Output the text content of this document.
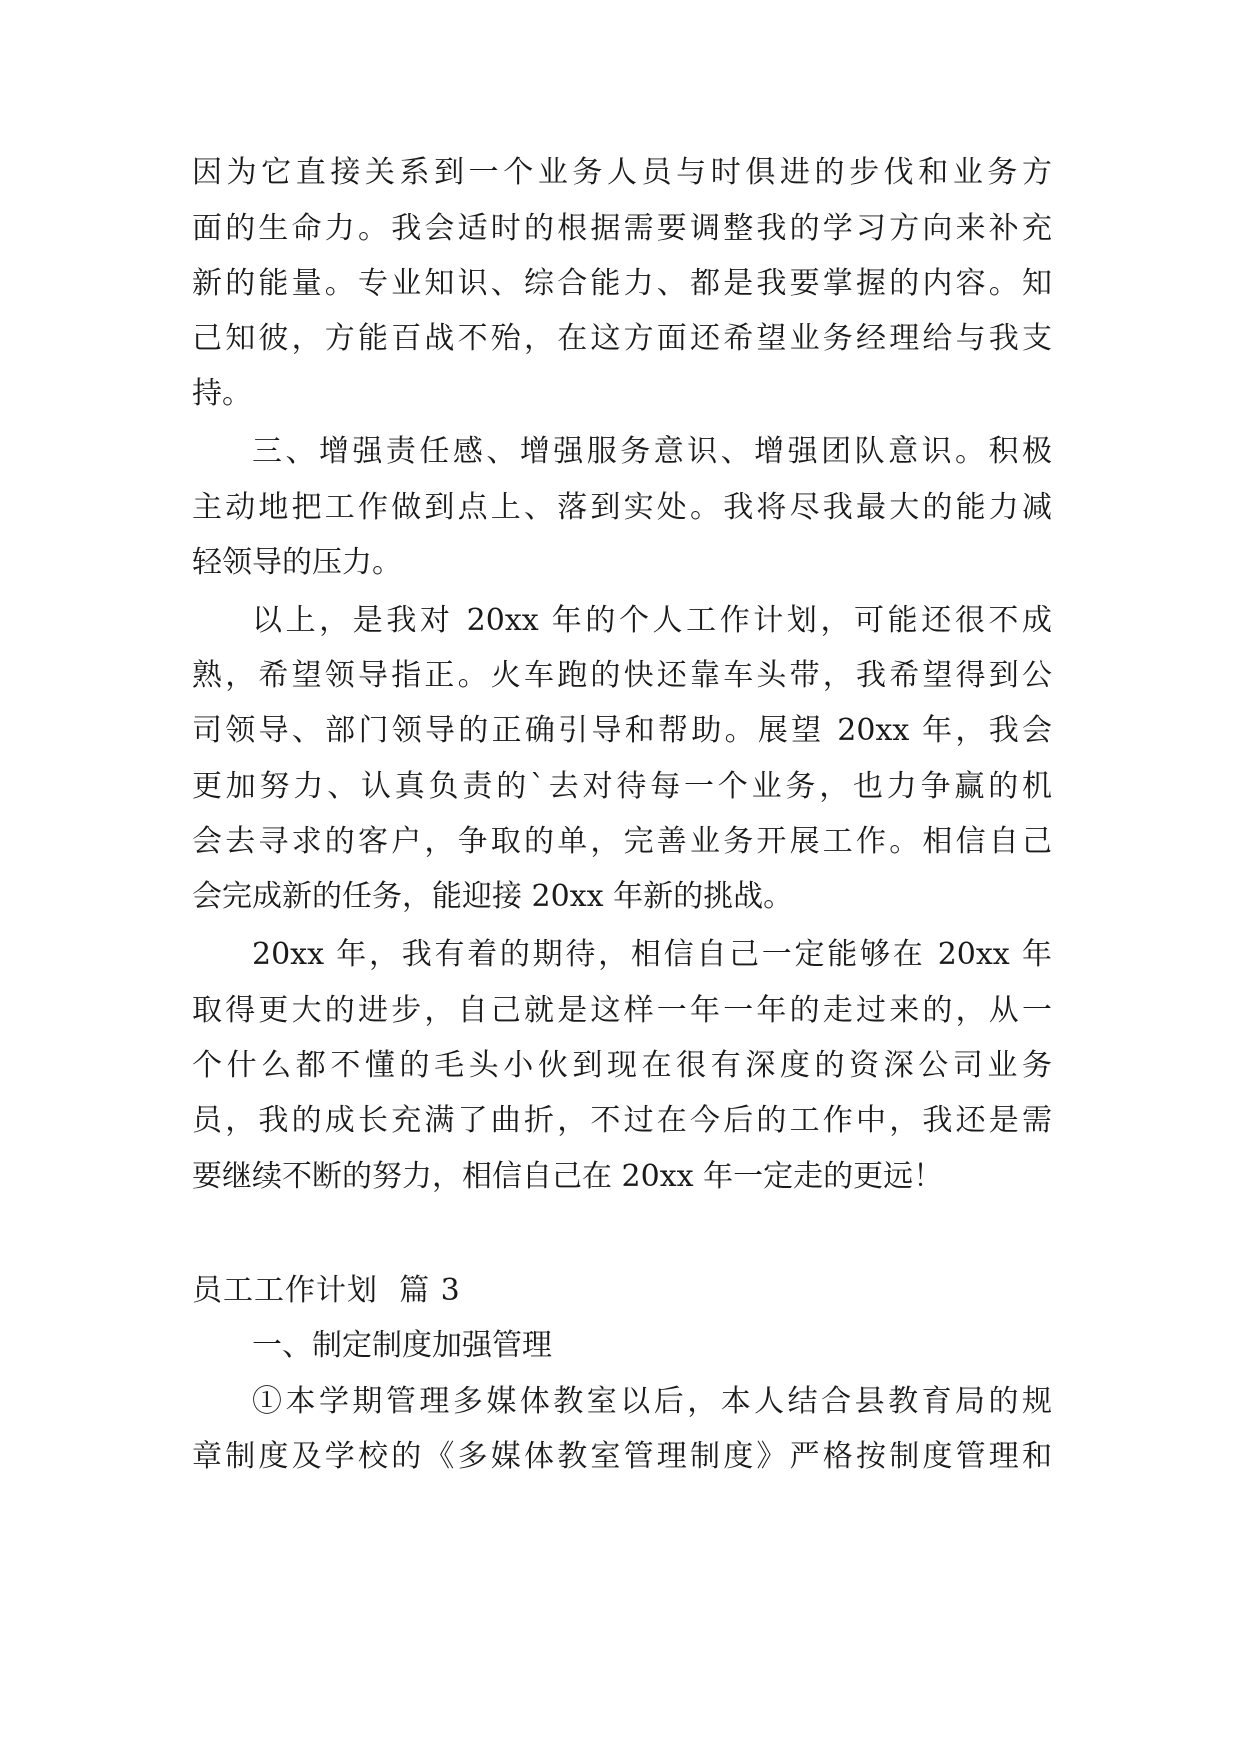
因为它直接关系到一个业务人员与时俱进的步伐和业务方
面的生命力。我会适时的根据需要调整我的学习方向来补充
新的能量。专业知识、综合能力、都是我要掌握的内容。知
己知彼，方能百战不殆，在这方面还希望业务经理给与我支
持。
三、增强责任感、增强服务意识、增强团队意识。积极
主动地把工作做到点上、落到实处。我将尽我最大的能力减
轻领导的压力。
以上，是我对 20xx 年的个人工作计划，可能还很不成
熟，希望领导指正。火车跑的快还靠车头带，我希望得到公
司领导、部门领导的正确引导和帮助。展望 20xx 年，我会
更加努力、认真负责的`去对待每一个业务，也力争赢的机
会去寻求的客户，争取的单，完善业务开展工作。相信自己
会完成新的任务，能迎接 20xx 年新的挑战。
20xx 年，我有着的期待，相信自己一定能够在 20xx 年
取得更大的进步，自己就是这样一年一年的走过来的，从一
个什么都不懂的毛头小伙到现在很有深度的资深公司业务
员，我的成长充满了曲折，不过在今后的工作中，我还是需
要继续不断的努力，相信自己在 20xx 年一定走的更远！
员工工作计划  篇 3
一、制定制度加强管理
①本学期管理多媒体教室以后，本人结合县教育局的规
章制度及学校的《多媒体教室管理制度》严格按制度管理和
